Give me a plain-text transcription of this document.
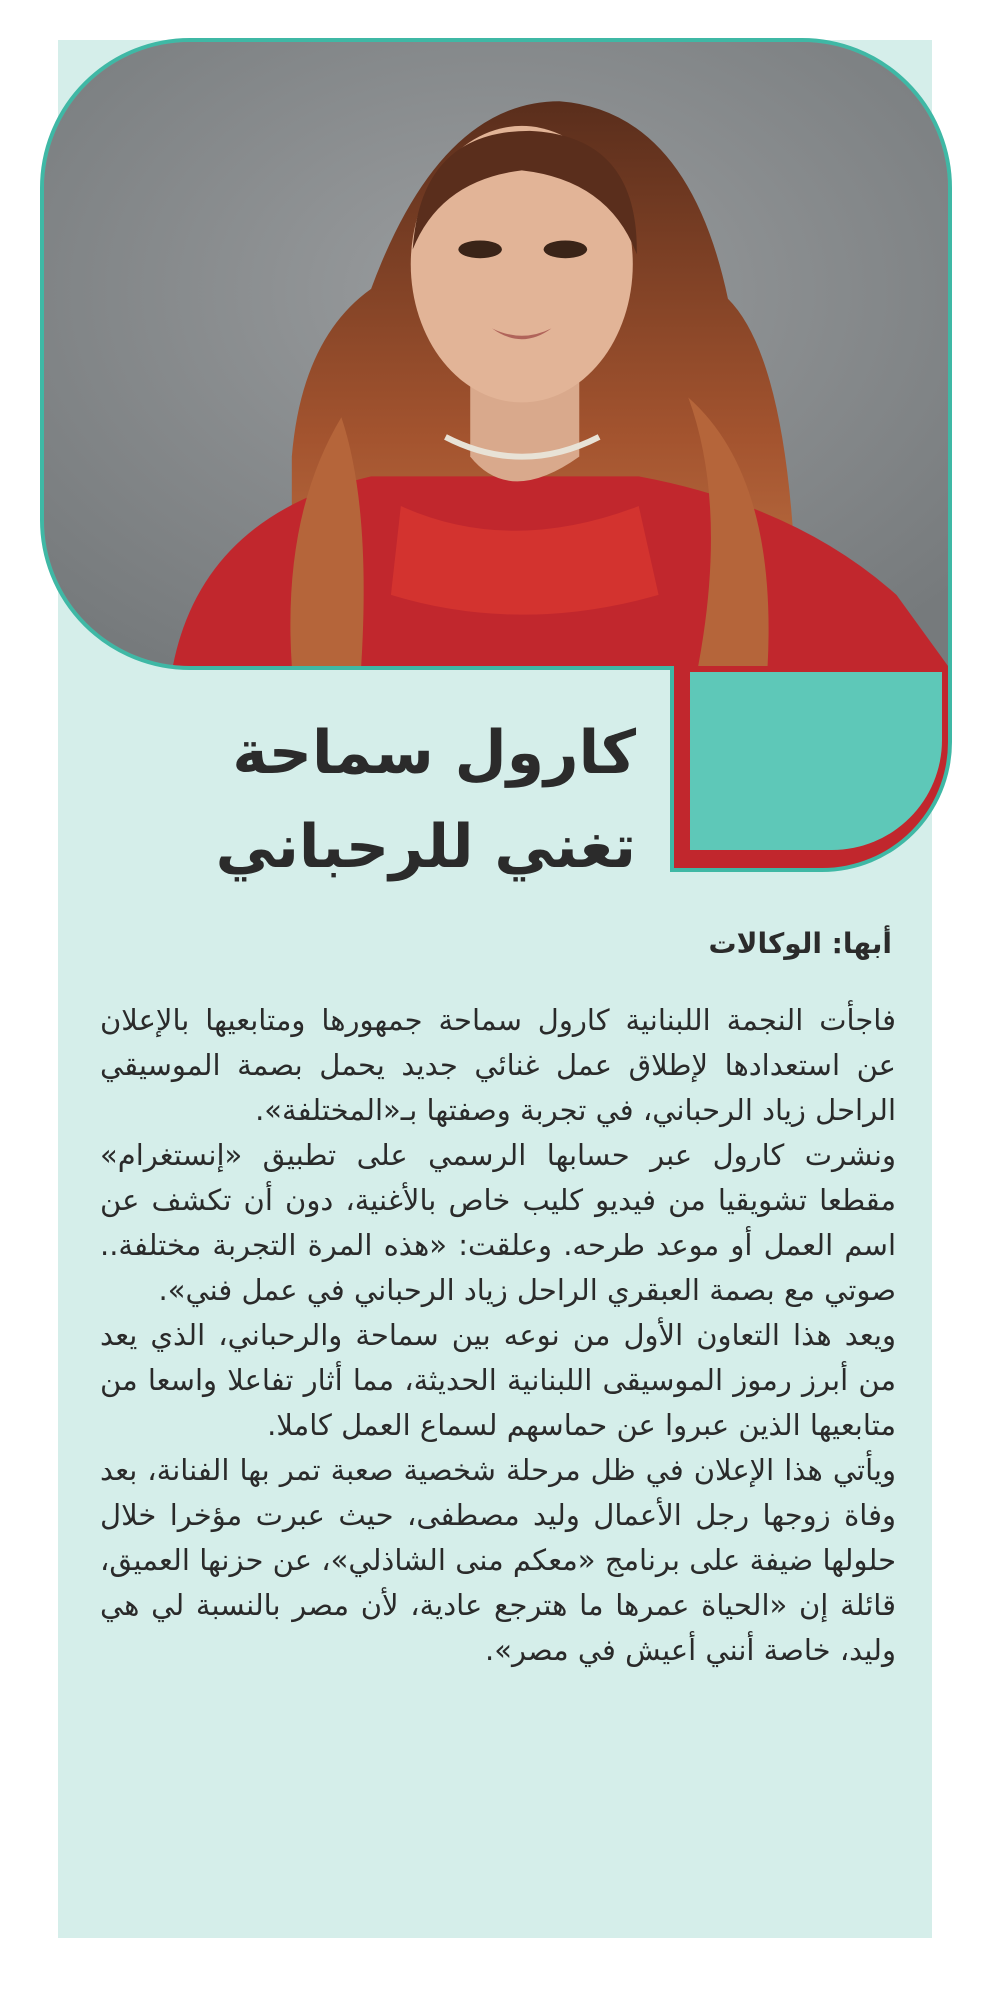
كارول سماحة
تغني للرحباني
أبها: الوكالات

فاجأت النجمة اللبنانية كارول سماحة جمهورها ومتابعيها بالإعلان عن استعدادها لإطلاق عمل غنائي جديد يحمل بصمة الموسيقي الراحل زياد الرحباني، في تجربة وصفتها بـ«المختلفة».

ونشرت كارول عبر حسابها الرسمي على تطبيق «إنستغرام» مقطعا تشويقيا من فيديو كليب خاص بالأغنية، دون أن تكشف عن اسم العمل أو موعد طرحه. وعلقت: «هذه المرة التجربة مختلفة.. صوتي مع بصمة العبقري الراحل زياد الرحباني في عمل فني».

ويعد هذا التعاون الأول من نوعه بين سماحة والرحباني، الذي يعد من أبرز رموز الموسيقى اللبنانية الحديثة، مما أثار تفاعلا واسعا من متابعيها الذين عبروا عن حماسهم لسماع العمل كاملا.

ويأتي هذا الإعلان في ظل مرحلة شخصية صعبة تمر بها الفنانة، بعد وفاة زوجها رجل الأعمال وليد مصطفى، حيث عبرت مؤخرا خلال حلولها ضيفة على برنامج «معكم منى الشاذلي»، عن حزنها العميق، قائلة إن «الحياة عمرها ما هترجع عادية، لأن مصر بالنسبة لي هي وليد، خاصة أنني أعيش في مصر».
